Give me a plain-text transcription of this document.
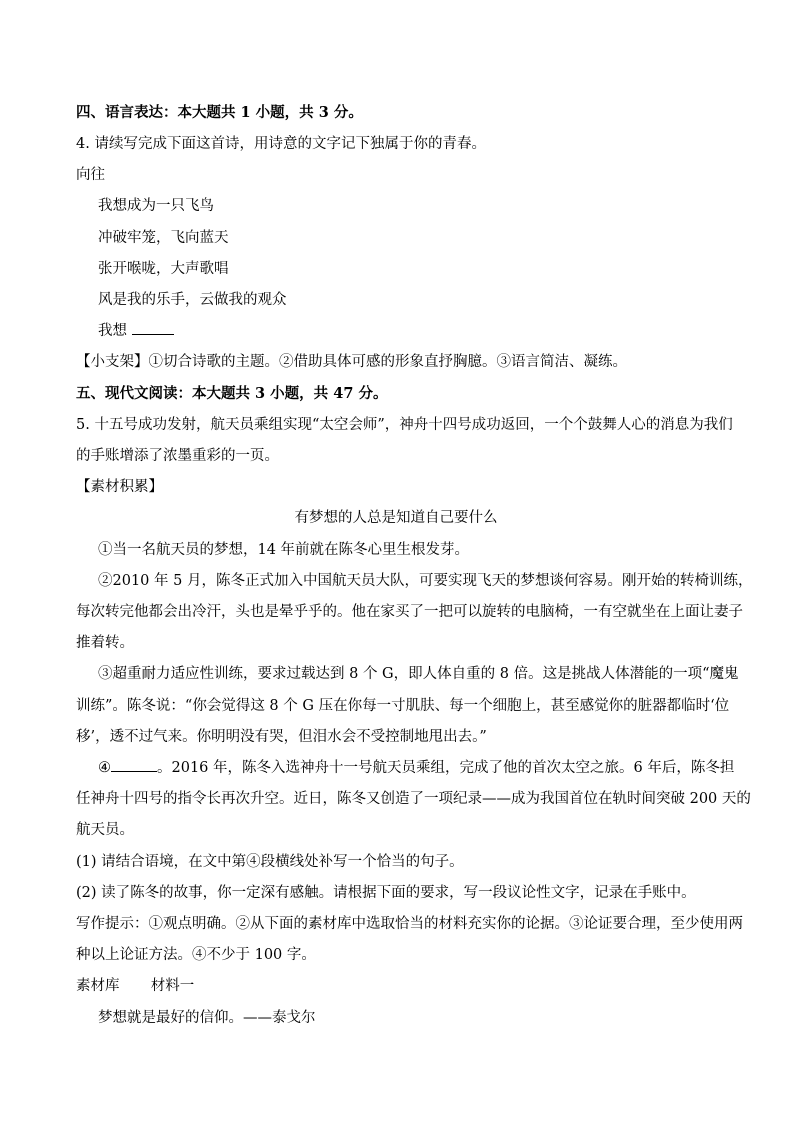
四、语言表达：本大题共 1 小题，共 3 分。
4. 请续写完成下面这首诗，用诗意的文字记下独属于你的青春。
向往
我想成为一只飞鸟
冲破牢笼，飞向蓝天
张开喉咙，大声歌唱
风是我的乐手，云做我的观众
我想
【小支架】①切合诗歌的主题。②借助具体可感的形象直抒胸臆。③语言简洁、凝练。
五、现代文阅读：本大题共 3 小题，共 47 分。
5. 十五号成功发射，航天员乘组实现“太空会师”，神舟十四号成功返回，一个个鼓舞人心的消息为我们
的手账增添了浓墨重彩的一页。
【素材积累】
有梦想的人总是知道自己要什么
①当一名航天员的梦想，14 年前就在陈冬心里生根发芽。
②2010 年 5 月，陈冬正式加入中国航天员大队，可要实现飞天的梦想谈何容易。刚开始的转椅训练，
每次转完他都会出冷汗，头也是晕乎乎的。他在家买了一把可以旋转的电脑椅，一有空就坐在上面让妻子
推着转。
③超重耐力适应性训练，要求过载达到 8 个 G，即人体自重的 8 倍。这是挑战人体潜能的一项“魔鬼
训练”。陈冬说：“你会觉得这 8 个 G 压在你每一寸肌肤、每一个细胞上，甚至感觉你的脏器都临时‘位
移’，透不过气来。你明明没有哭，但泪水会不受控制地甩出去。”
④	。2016 年，陈冬入选神舟十一号航天员乘组，完成了他的首次太空之旅。6 年后，陈冬担
任神舟十四号的指令长再次升空。近日，陈冬又创造了一项纪录——成为我国首位在轨时间突破 200 天的
航天员。
(1) 请结合语境，在文中第④段横线处补写一个恰当的句子。
(2) 读了陈冬的故事，你一定深有感触。请根据下面的要求，写一段议论性文字，记录在手账中。
写作提示：①观点明确。②从下面的素材库中选取恰当的材料充实你的论据。③论证要合理，至少使用两
种以上论证方法。④不少于 100 字。
素材库 材料一
梦想就是最好的信仰。——泰戈尔
